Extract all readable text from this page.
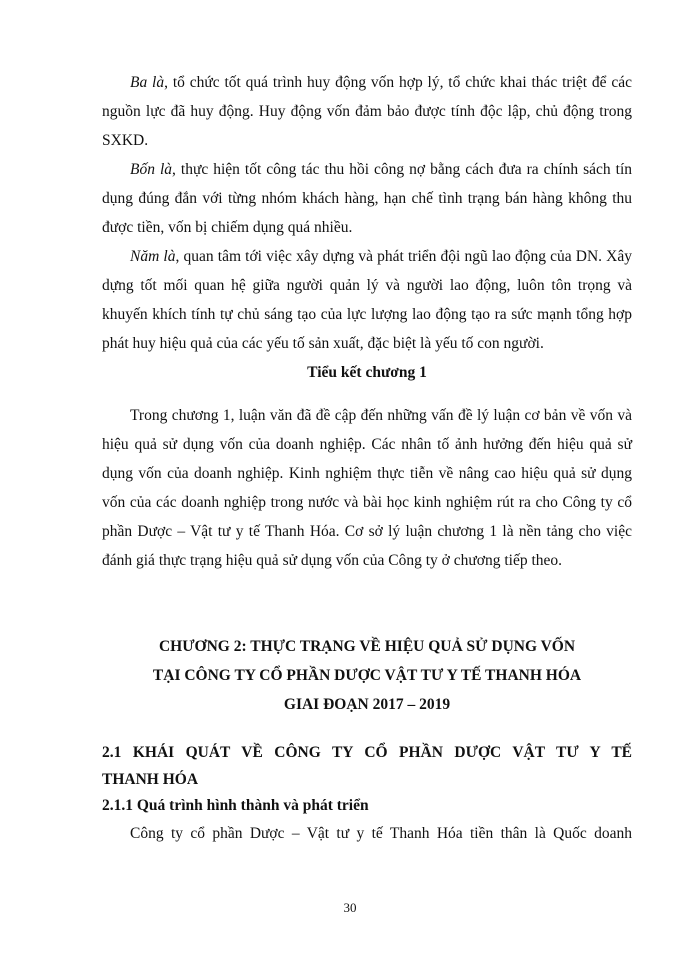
Ba là, tổ chức tốt quá trình huy động vốn hợp lý, tổ chức khai thác triệt để các nguồn lực đã huy động. Huy động vốn đảm bảo được tính độc lập, chủ động trong SXKD.

Bốn là, thực hiện tốt công tác thu hồi công nợ bằng cách đưa ra chính sách tín dụng đúng đắn với từng nhóm khách hàng, hạn chế tình trạng bán hàng không thu được tiền, vốn bị chiếm dụng quá nhiều.

Năm là, quan tâm tới việc xây dựng và phát triển đội ngũ lao động của DN. Xây dựng tốt mối quan hệ giữa người quản lý và người lao động, luôn tôn trọng và khuyến khích tính tự chủ sáng tạo của lực lượng lao động tạo ra sức mạnh tổng hợp phát huy hiệu quả của các yếu tố sản xuất, đặc biệt là yếu tố con người.

Tiểu kết chương 1

Trong chương 1, luận văn đã đề cập đến những vấn đề lý luận cơ bản về vốn và hiệu quả sử dụng vốn của doanh nghiệp. Các nhân tố ảnh hưởng đến hiệu quả sử dụng vốn của doanh nghiệp. Kinh nghiệm thực tiễn về nâng cao hiệu quả sử dụng vốn của các doanh nghiệp trong nước và bài học kinh nghiệm rút ra cho Công ty cổ phần Dược – Vật tư y tế Thanh Hóa. Cơ sở lý luận chương 1 là nền tảng cho việc đánh giá thực trạng hiệu quả sử dụng vốn của Công ty ở chương tiếp theo.

CHƯƠNG 2: THỰC TRẠNG VỀ HIỆU QUẢ SỬ DỤNG VỐN
TẠI CÔNG TY CỔ PHẦN DƯỢC VẬT TƯ Y TẾ THANH HÓA
GIAI ĐOẠN 2017 – 2019
2.1 KHÁI QUÁT VỀ CÔNG TY CỔ PHẦN DƯỢC VẬT TƯ Y TẾ
THANH HÓA

2.1.1 Quá trình hình thành và phát triển

Công ty cổ phần Dược – Vật tư y tế Thanh Hóa tiền thân là Quốc doanh

30
